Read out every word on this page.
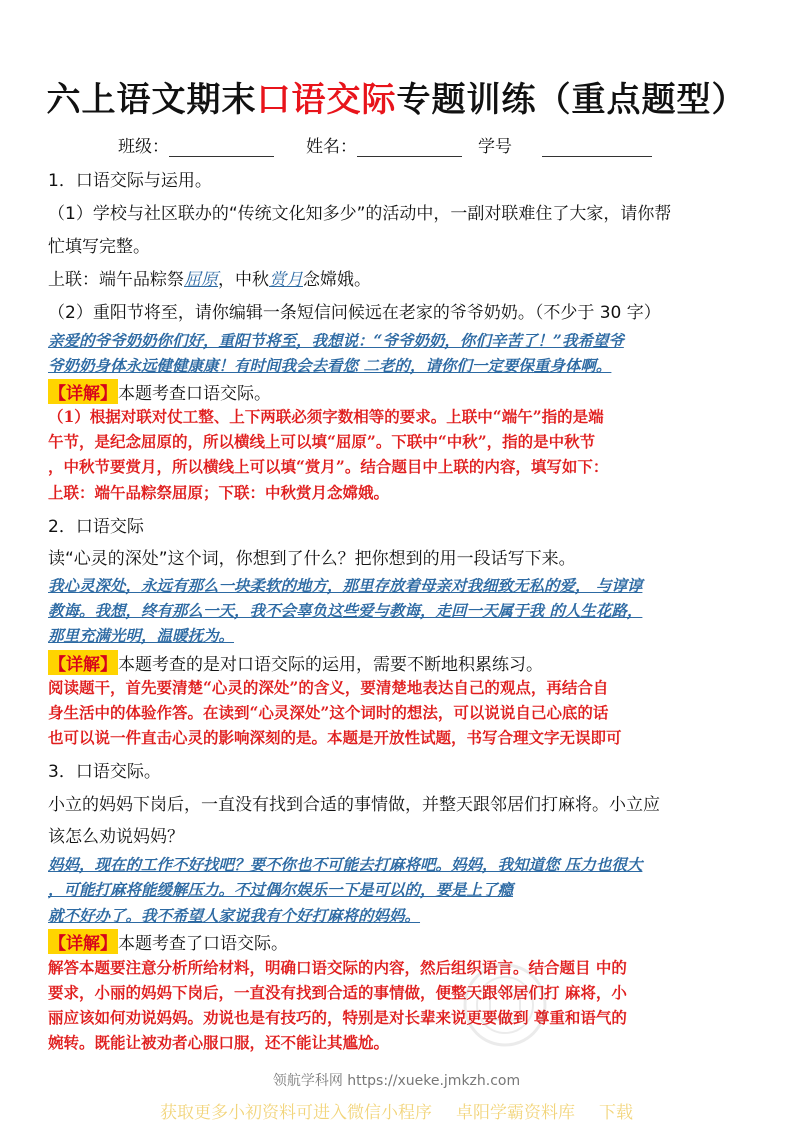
六上语文期末口语交际专题训练（重点题型）
班级：	姓名：	学号
1．口语交际与运用。
（1）学校与社区联办的“传统文化知多少”的活动中，一副对联难住了大家，请你帮
忙填写完整。
上联：端午品粽祭屈原，中秋赏月念嫦娥。
（2）重阳节将至，请你编辑一条短信问候远在老家的爷爷奶奶。（不少于 30 字）
亲爱的爷爷奶奶你们好，重阳节将至，我想说：“爷爷奶奶，你们辛苦了！”我希望爷
爷奶奶身体永远健健康康！有时间我会去看您 二老的，请你们一定要保重身体啊。
【详解】本题考查口语交际。
（1）根据对联对仗工整、上下两联必须字数相等的要求。上联中“端午”指的是端
午节，是纪念屈原的，所以横线上可以填“屈原”。下联中“中秋”，指的是中秋节
，中秋节要赏月，所以横线上可以填“赏月”。结合题目中上联的内容，填写如下：
上联：端午品粽祭屈原；下联：中秋赏月念嫦娥。
2．口语交际
读“心灵的深处”这个词，你想到了什么？把你想到的用一段话写下来。
我心灵深处，永远有那么一块柔软的地方，那里存放着母亲对我细致无私的爱， 与谆谆
教诲。我想，终有那么一天，我不会辜负这些爱与教诲，走回一天属于我 的人生花路，
那里充满光明，温暖抚为。
【详解】本题考查的是对口语交际的运用，需要不断地积累练习。
阅读题干，首先要清楚“心灵的深处”的含义，要清楚地表达自己的观点，再结合自
身生活中的体验作答。在读到“心灵深处”这个词时的想法，可以说说自己心底的话
也可以说一件直击心灵的影响深刻的是。本题是开放性试题，书写合理文字无误即可
3．口语交际。
小立的妈妈下岗后，一直没有找到合适的事情做，并整天跟邻居们打麻将。小立应
该怎么劝说妈妈？
妈妈，现在的工作不好找吧？要不你也不可能去打麻将吧。妈妈，我知道您 压力也很大
，可能打麻将能缓解压力。不过偶尔娱乐一下是可以的，要是上了瘾
就不好办了。我不希望人家说我有个好打麻将的妈妈。
【详解】本题考查了口语交际。
解答本题要注意分析所给材料，明确口语交际的内容，然后组织语言。结合题目 中的
要求，小丽的妈妈下岗后，一直没有找到合适的事情做，便整天跟邻居们打 麻将，小
丽应该如何劝说妈妈。劝说也是有技巧的，特别是对长辈来说更要做到 尊重和语气的
婉转。既能让被劝者心服口服，还不能让其尴尬。
领航学科网 https://xueke.jmkzh.com
获取更多小初资料可进入微信小程序 卓阳学霸资料库 下载
